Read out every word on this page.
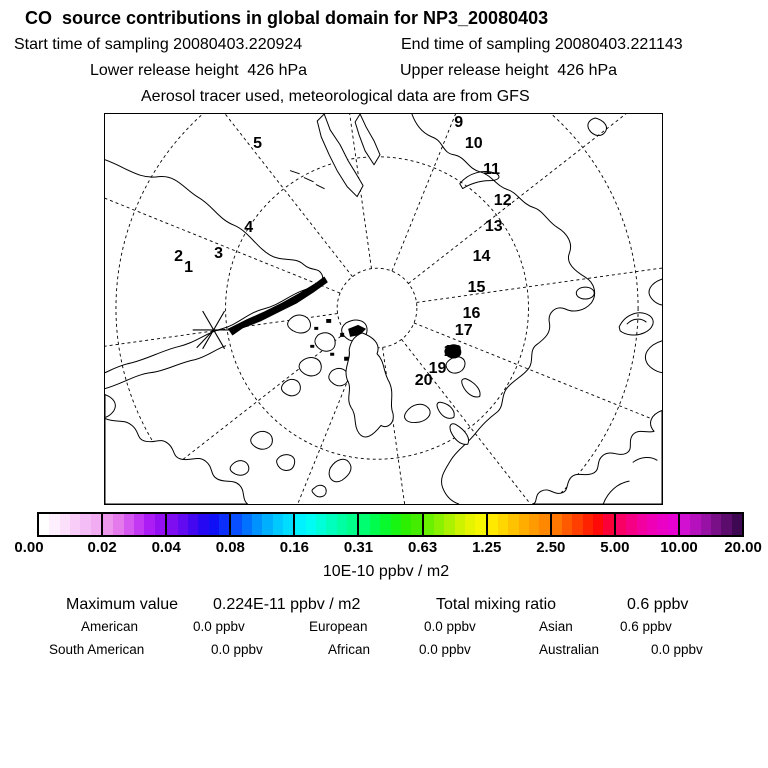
CO  source contributions in global domain for NP3_20080403
Start time of sampling 20080403.220924	End time of sampling 20080403.221143
Lower release height  426 hPa	Upper release height  426 hPa
Aerosol tracer used, meteorological data are from GFS
1
2 3
4
5
9
10
11
12
13
14
15
16
17
18
19
20
0.00	0.02 0.04 0.08 0.16 0.31 0.63 1.25 2.50 5.00 10.00 20.00
10E-10 ppbv / m2
Maximum value 0.224E-11 ppbv / m2	Total mixing ratio	0.6 ppbv
American	0.0 ppbv	European	0.0 ppbv	Asian	0.6 ppbv
South American	0.0 ppbv	African	0.0 ppbv	Australian	0.0 ppbv
